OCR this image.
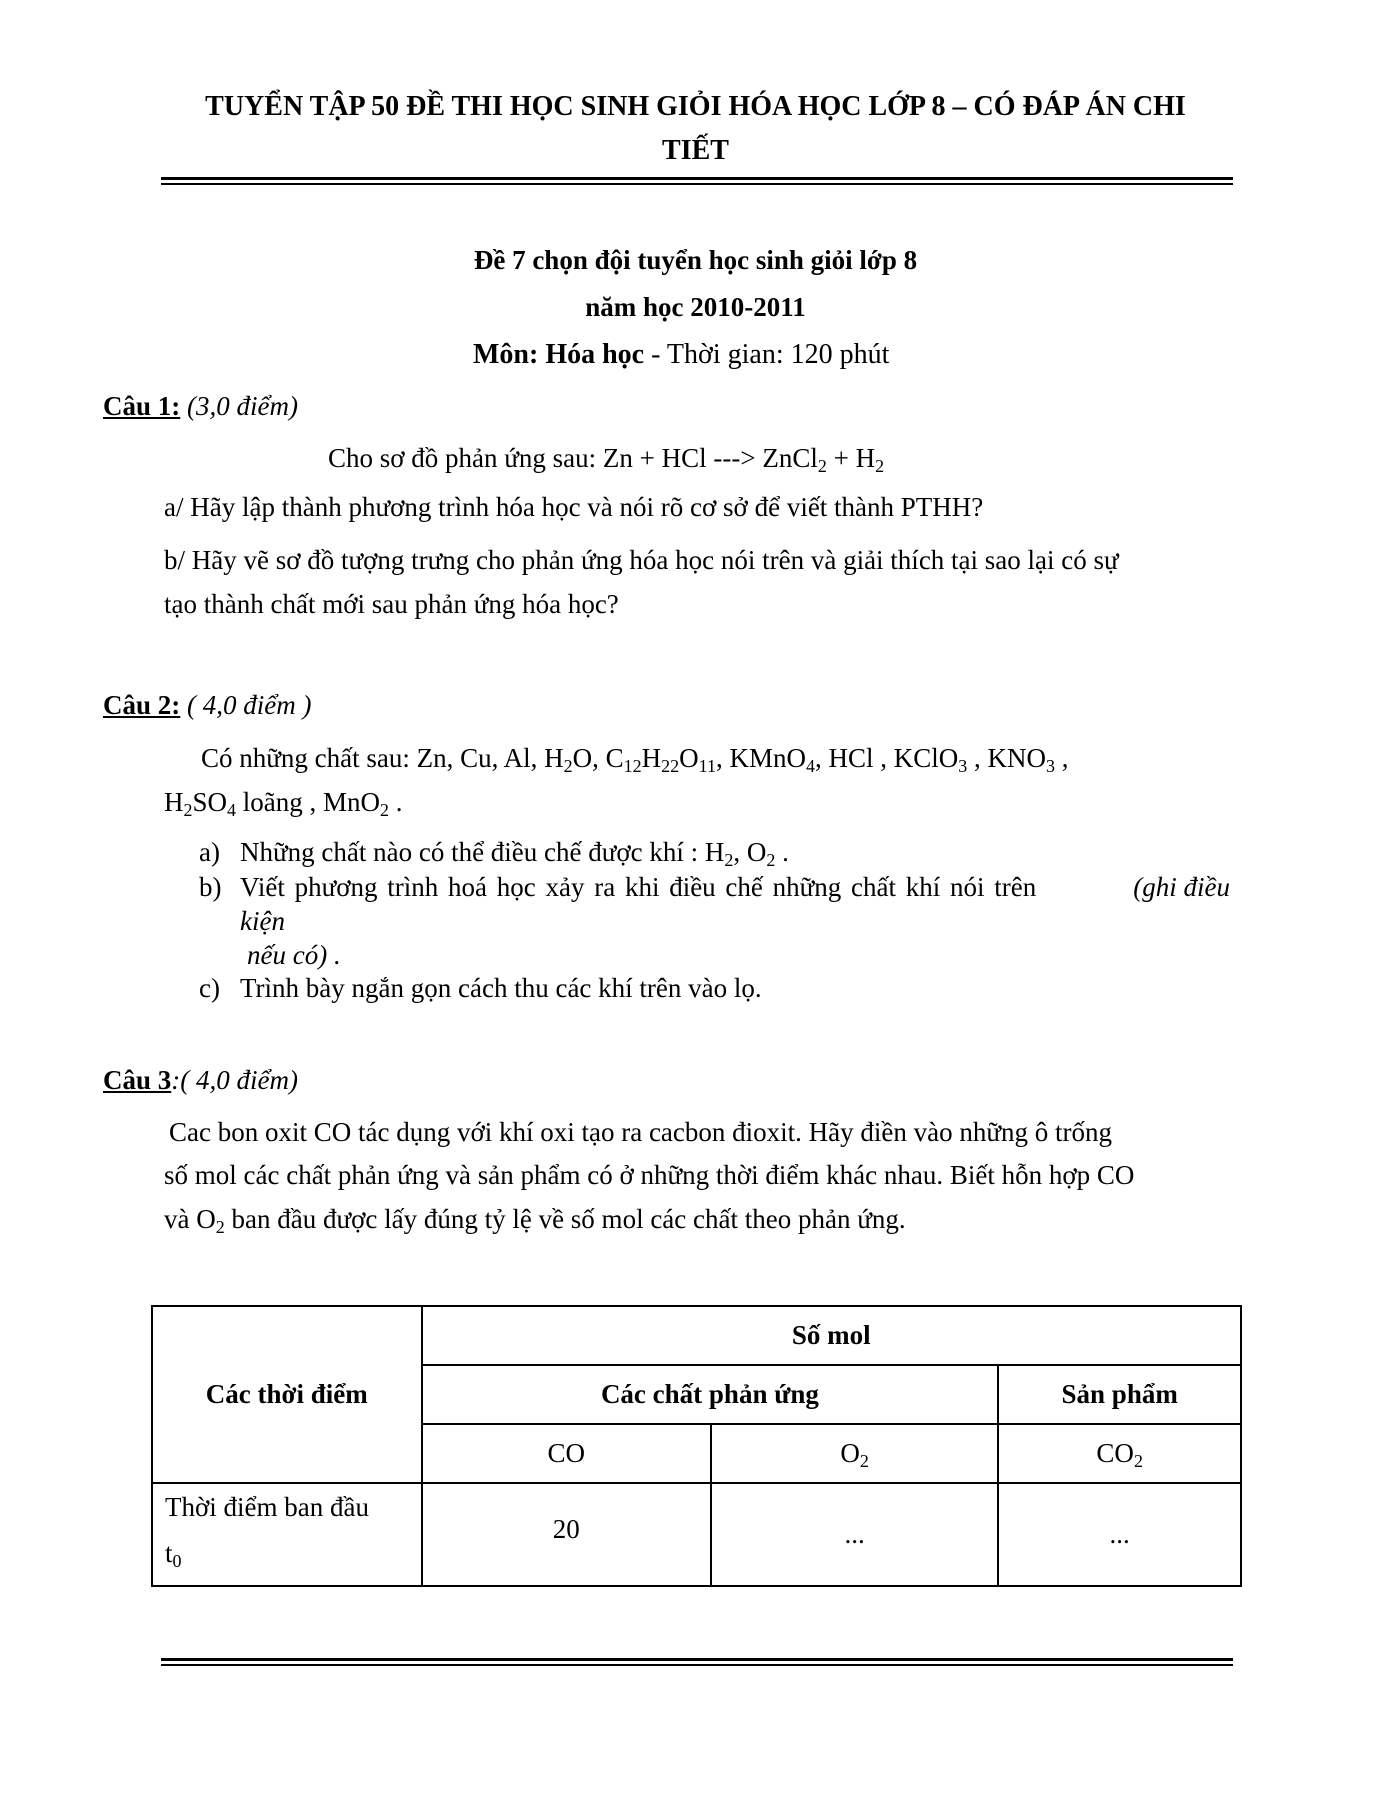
TUYỂN TẬP 50 ĐỀ THI HỌC SINH GIỎI HÓA HỌC LỚP 8 – CÓ ĐÁP ÁN CHI
TIẾT
Đề 7 chọn đội tuyển học sinh giỏi lớp 8
năm học 2010-2011
Môn: Hóa học - Thời gian: 120 phút
Câu 1: (3,0 điểm)
Cho sơ đồ phản ứng sau: Zn + HCl ---> ZnCl$_2$ + $H_2$
a/ Hãy lập thành phương trình hóa học và nói rõ cơ sở để viết thành PTHH?
b/ Hãy vẽ sơ đồ tượng trưng cho phản ứng hóa học nói trên và giải thích tại sao lại có sự
tạo thành chất mới sau phản ứng hóa học?
Câu 2: ( 4,0 điểm )
Có những chất sau: Zn, Cu, Al, $H_2O$, $C_{12}H_{22}O_{11}$, KMnO$_4$, HCl , KClO$_3$ , $KNO_3$ ,
$H_2SO_4$ loãng , MnO$_2$ .
a) Những chất nào có thể điều chế được khí : $H_2$, $O_2$ .
b) Viết phương trình hoá học xảy ra khi điều chế những chất khí nói trên	(ghi điều
kiện
nếu có) .
c) Trình bày ngắn gọn cách thu các khí trên vào lọ.
Câu 3:( 4,0 điểm)
Cac bon oxit CO tác dụng với khí oxi tạo ra cacbon đioxit. Hãy điền vào những ô trống
số mol các chất phản ứng và sản phẩm có ở những thời điểm khác nhau. Biết hỗn hợp CO
và $O_2$ ban đầu được lấy đúng tỷ lệ về số mol các chất theo phản ứng.
Các thời điểm	Số mol		
	Các chất phản ứng		Sản phẩm
	CO	$O_2$	$CO_2$

Thời điểm ban đầu
$t_0$	20	...	...
